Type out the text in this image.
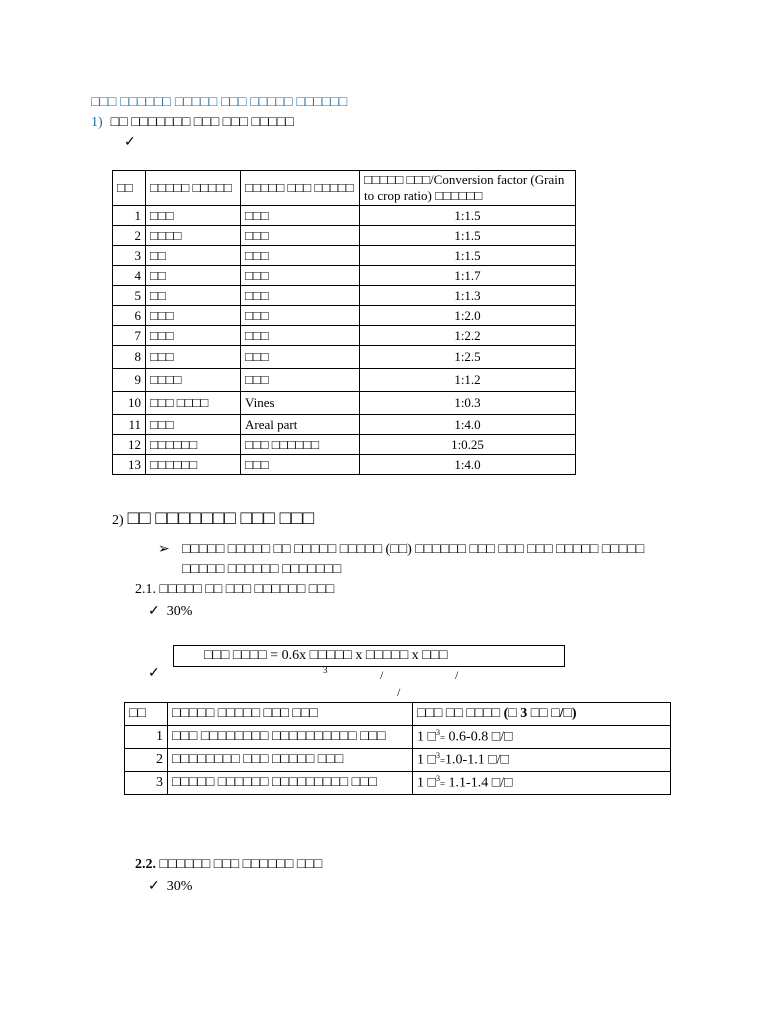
□□□ □□□□□□ □□□□□ □□□ □□□□□ □□□□□□
1) □□ □□□□□□□ □□□ □□□ □□□□□
✓
□□	□□□□□ □□□□□	□□□□□ □□□ □□□□□	□□□□□ □□□/Conversion factor (Grain to crop ratio) □□□□□□
1	□□□	□□□	1:1.5
2	□□□□	□□□	1:1.5
3	□□	□□□	1:1.5
4	□□	□□□	1:1.7
5	□□	□□□	1:1.3
6	□□□	□□□	1:2.0
7	□□□	□□□	1:2.2
8	□□□	□□□	1:2.5
9	□□□□	□□□	1:1.2
10	□□□ □□□□	Vines	1:0.3
11	□□□	Areal part	1:4.0
12	□□□□□□	□□□ □□□□□□	1:0.25
13	□□□□□□	□□□	1:4.0
2) □□ □□□□□□□ □□□ □□□
➢ □□□□□ □□□□□ □□ □□□□□ □□□□□ (□□) □□□□□□ □□□ □□□ □□□ □□□□□ □□□□□ □□□□□ □□□□□□ □□□□□□□
2.1. □□□□□ □□ □□□ □□□□□□ □□□
✓ 30%
□□□ □□□□ = 0.6x □□□□□ x □□□□□ x □□□
✓	3	/	/
/
□□	□□□□□ □□□□□ □□□ □□□	□□□ □□ □□□□ (□ 3 □□ □/□)
1	□□□ □□□□□□□□ □□□□□□□□□□ □□□	1 □$^3$= 0.6-0.8 □/□
2	□□□□□□□□ □□□ □□□□□ □□□	1 □$^3$=1.0-1.1 □/□
3	□□□□□ □□□□□□ □□□□□□□□□ □□□	1 □$^3$= 1.1-1.4 □/□
2.2. □□□□□□ □□□ □□□□□□ □□□
✓ 30%
